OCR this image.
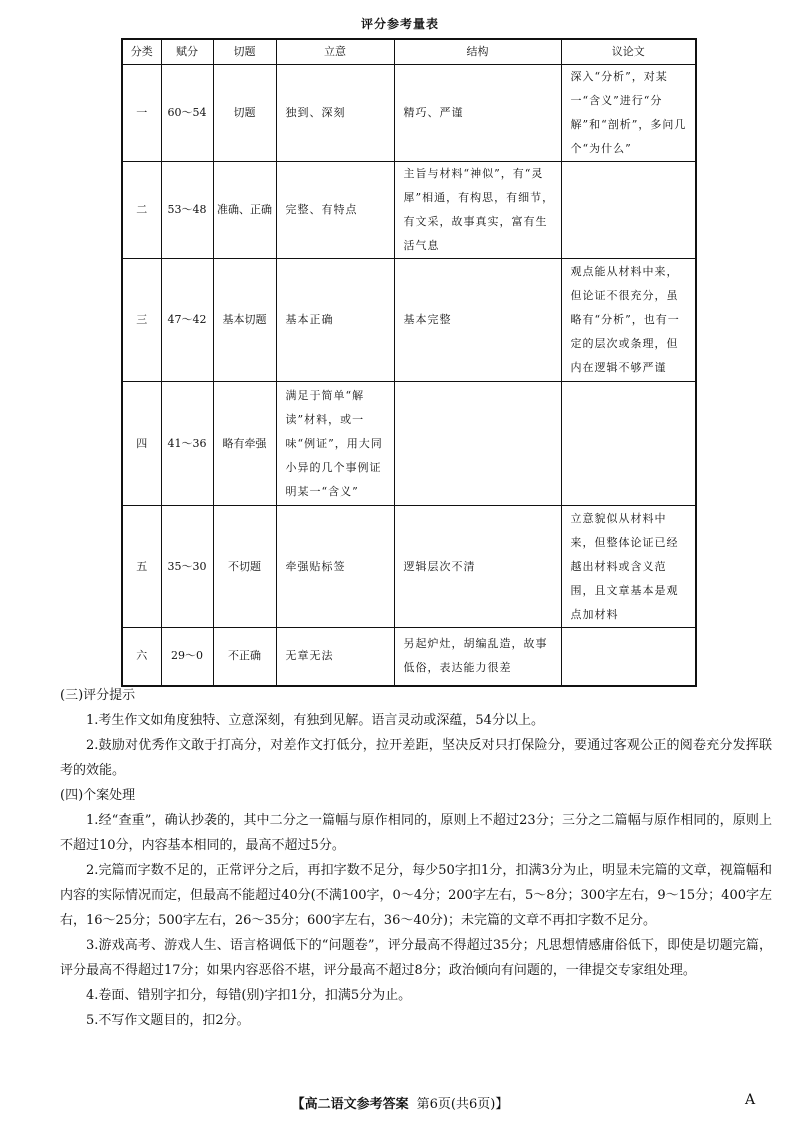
评分参考量表
分类	赋分	切题	立意	结构	议论文
一	60～54	切题	独到、深刻	精巧、严谨	深入“分析”，对某一“含义”进行“分解”和“剖析”，多问几个“为什么”
二	53～48	准确、正确	完整、有特点	主旨与材料“神似”，有“灵犀”相通，有构思，有细节，有文采，故事真实，富有生活气息	
三	47～42	基本切题	基本正确	基本完整	观点能从材料中来，但论证不很充分，虽略有“分析”，也有一定的层次或条理，但内在逻辑不够严谨
四	41～36	略有牵强	满足于简单“解读”材料，或一味“例证”，用大同小异的几个事例证明某一“含义”		
五	35～30	不切题	牵强贴标签	逻辑层次不清	立意貌似从材料中来，但整体论证已经越出材料或含义范围，且文章基本是观点加材料
六	29～0	不正确	无章无法	另起炉灶，胡编乱造，故事低俗，表达能力很差	

(三)评分提示

1.考生作文如角度独特、立意深刻，有独到见解。语言灵动或深蕴，54分以上。

2.鼓励对优秀作文敢于打高分，对差作文打低分，拉开差距，坚决反对只打保险分，要通过客观公正的阅卷充分发挥联考的效能。

(四)个案处理

1.经“查重”，确认抄袭的，其中二分之一篇幅与原作相同的，原则上不超过23分；三分之二篇幅与原作相同的，原则上不超过10分，内容基本相同的，最高不超过5分。

2.完篇而字数不足的，正常评分之后，再扣字数不足分，每少50字扣1分，扣满3分为止，明显未完篇的文章，视篇幅和内容的实际情况而定，但最高不能超过40分(不满100字，0～4分；200字左右，5～8分；300字左右，9～15分；400字左右，16～25分；500字左右，26～35分；600字左右，36～40分)；未完篇的文章不再扣字数不足分。

3.游戏高考、游戏人生、语言格调低下的“问题卷”，评分最高不得超过35分；凡思想情感庸俗低下，即使是切题完篇，评分最高不得超过17分；如果内容恶俗不堪，评分最高不超过8分；政治倾向有问题的，一律提交专家组处理。

4.卷面、错别字扣分，每错(别)字扣1分，扣满5分为止。

5.不写作文题目的，扣2分。

【高二语文参考答案 第6页(共6页)】	A
